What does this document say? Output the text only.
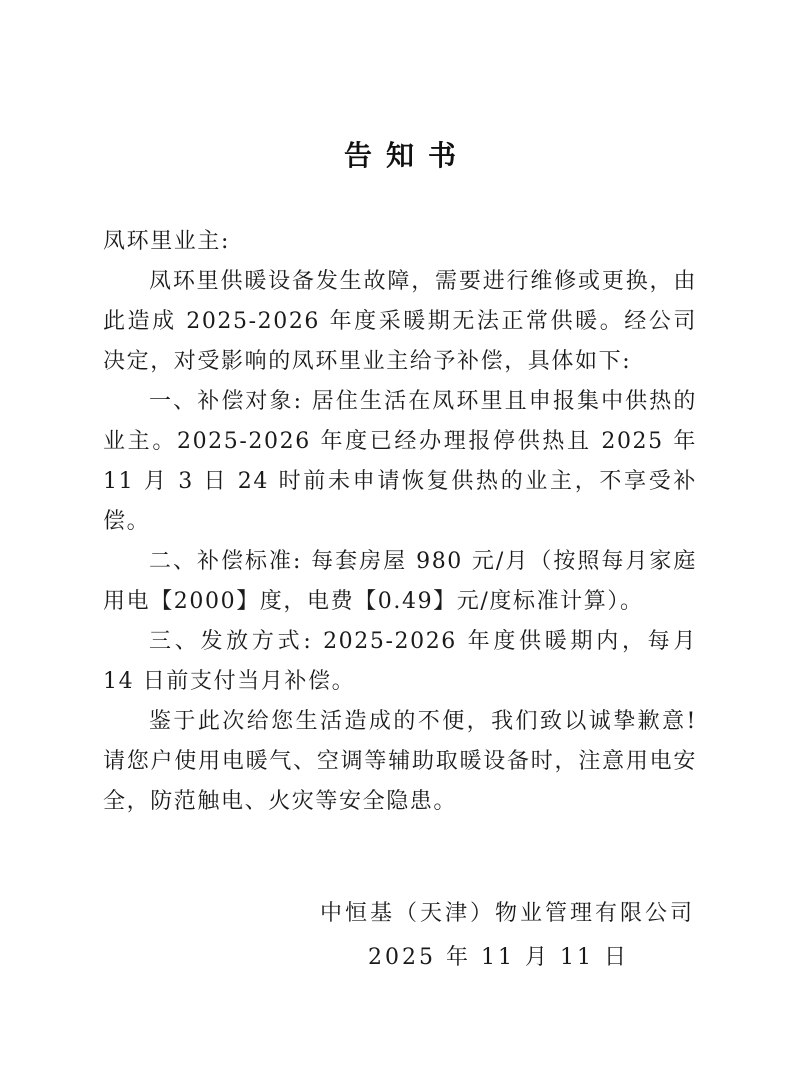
告知书

凤环里业主:

凤环里供暖设备发生故障，需要进行维修或更换，由此造成 2025-2026 年度采暖期无法正常供暖。经公司决定，对受影响的凤环里业主给予补偿，具体如下:

一、补偿对象: 居住生活在凤环里且申报集中供热的业主。2025-2026 年度已经办理报停供热且 2025 年 11 月 3 日 24 时前未申请恢复供热的业主，不享受补偿。

二、补偿标准: 每套房屋 980 元/月（按照每月家庭用电【2000】度，电费【0.49】元/度标准计算）。

三、发放方式: 2025-2026 年度供暖期内，每月 14 日前支付当月补偿。

鉴于此次给您生活造成的不便，我们致以诚挚歉意! 请您户使用电暖气、空调等辅助取暖设备时，注意用电安全，防范触电、火灾等安全隐患。

中恒基（天津）物业管理有限公司
2025 年 11 月 11 日
